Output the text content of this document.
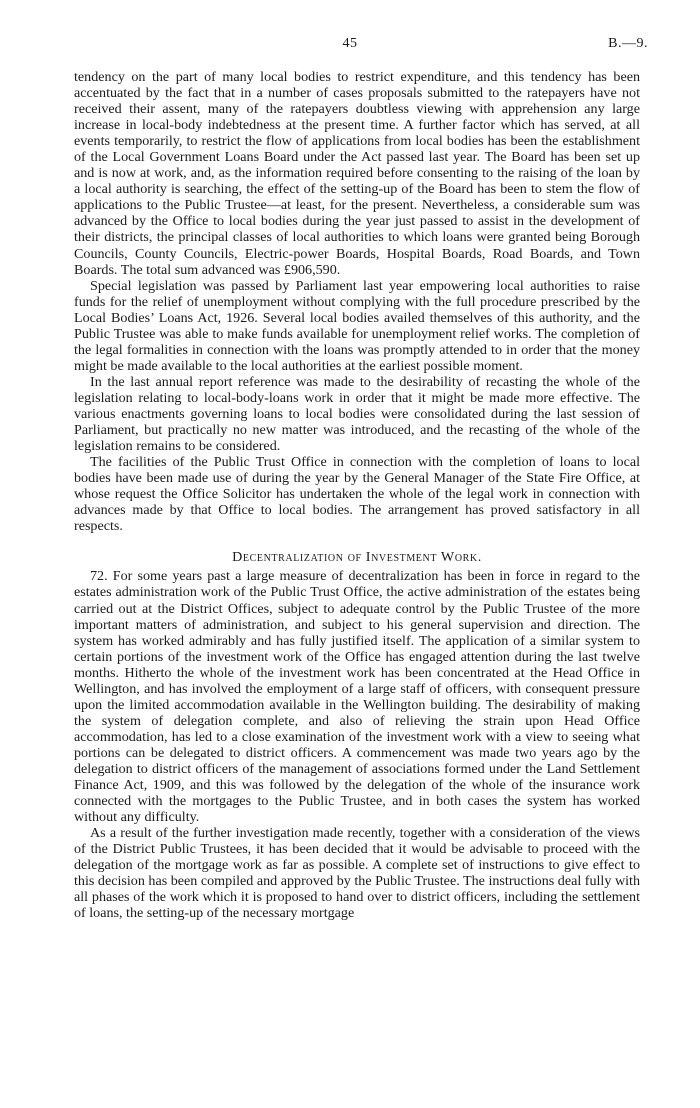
45	B.—9.

tendency on the part of many local bodies to restrict expenditure, and this tendency has been accentuated by the fact that in a number of cases proposals submitted to the ratepayers have not received their assent, many of the ratepayers doubtless viewing with apprehension any large increase in local-body indebtedness at the present time. A further factor which has served, at all events temporarily, to restrict the flow of applications from local bodies has been the establishment of the Local Government Loans Board under the Act passed last year. The Board has been set up and is now at work, and, as the information required before consenting to the raising of the loan by a local authority is searching, the effect of the setting-up of the Board has been to stem the flow of applications to the Public Trustee—at least, for the present. Nevertheless, a considerable sum was advanced by the Office to local bodies during the year just passed to assist in the development of their districts, the principal classes of local authorities to which loans were granted being Borough Councils, County Councils, Electric-power Boards, Hospital Boards, Road Boards, and Town Boards. The total sum advanced was £906,590.

Special legislation was passed by Parliament last year empowering local authorities to raise funds for the relief of unemployment without complying with the full procedure prescribed by the Local Bodies’ Loans Act, 1926. Several local bodies availed themselves of this authority, and the Public Trustee was able to make funds available for unemployment relief works. The completion of the legal formalities in connection with the loans was promptly attended to in order that the money might be made available to the local authorities at the earliest possible moment.

In the last annual report reference was made to the desirability of recasting the whole of the legislation relating to local-body-loans work in order that it might be made more effective. The various enactments governing loans to local bodies were consolidated during the last session of Parliament, but practically no new matter was introduced, and the recasting of the whole of the legislation remains to be considered.

The facilities of the Public Trust Office in connection with the completion of loans to local bodies have been made use of during the year by the General Manager of the State Fire Office, at whose request the Office Solicitor has undertaken the whole of the legal work in connection with advances made by that Office to local bodies. The arrangement has proved satisfactory in all respects.

Decentralization of Investment Work.

72. For some years past a large measure of decentralization has been in force in regard to the estates administration work of the Public Trust Office, the active administration of the estates being carried out at the District Offices, subject to adequate control by the Public Trustee of the more important matters of administration, and subject to his general supervision and direction. The system has worked admirably and has fully justified itself. The application of a similar system to certain portions of the investment work of the Office has engaged attention during the last twelve months. Hitherto the whole of the investment work has been concentrated at the Head Office in Wellington, and has involved the employment of a large staff of officers, with consequent pressure upon the limited accommodation available in the Wellington building. The desirability of making the system of delegation complete, and also of relieving the strain upon Head Office accommodation, has led to a close examination of the investment work with a view to seeing what portions can be delegated to district officers. A commencement was made two years ago by the delegation to district officers of the management of associations formed under the Land Settlement Finance Act, 1909, and this was followed by the delegation of the whole of the insurance work connected with the mortgages to the Public Trustee, and in both cases the system has worked without any difficulty.

As a result of the further investigation made recently, together with a consideration of the views of the District Public Trustees, it has been decided that it would be advisable to proceed with the delegation of the mortgage work as far as possible. A complete set of instructions to give effect to this decision has been compiled and approved by the Public Trustee. The instructions deal fully with all phases of the work which it is proposed to hand over to district officers, including the settlement of loans, the setting-up of the necessary mortgage
